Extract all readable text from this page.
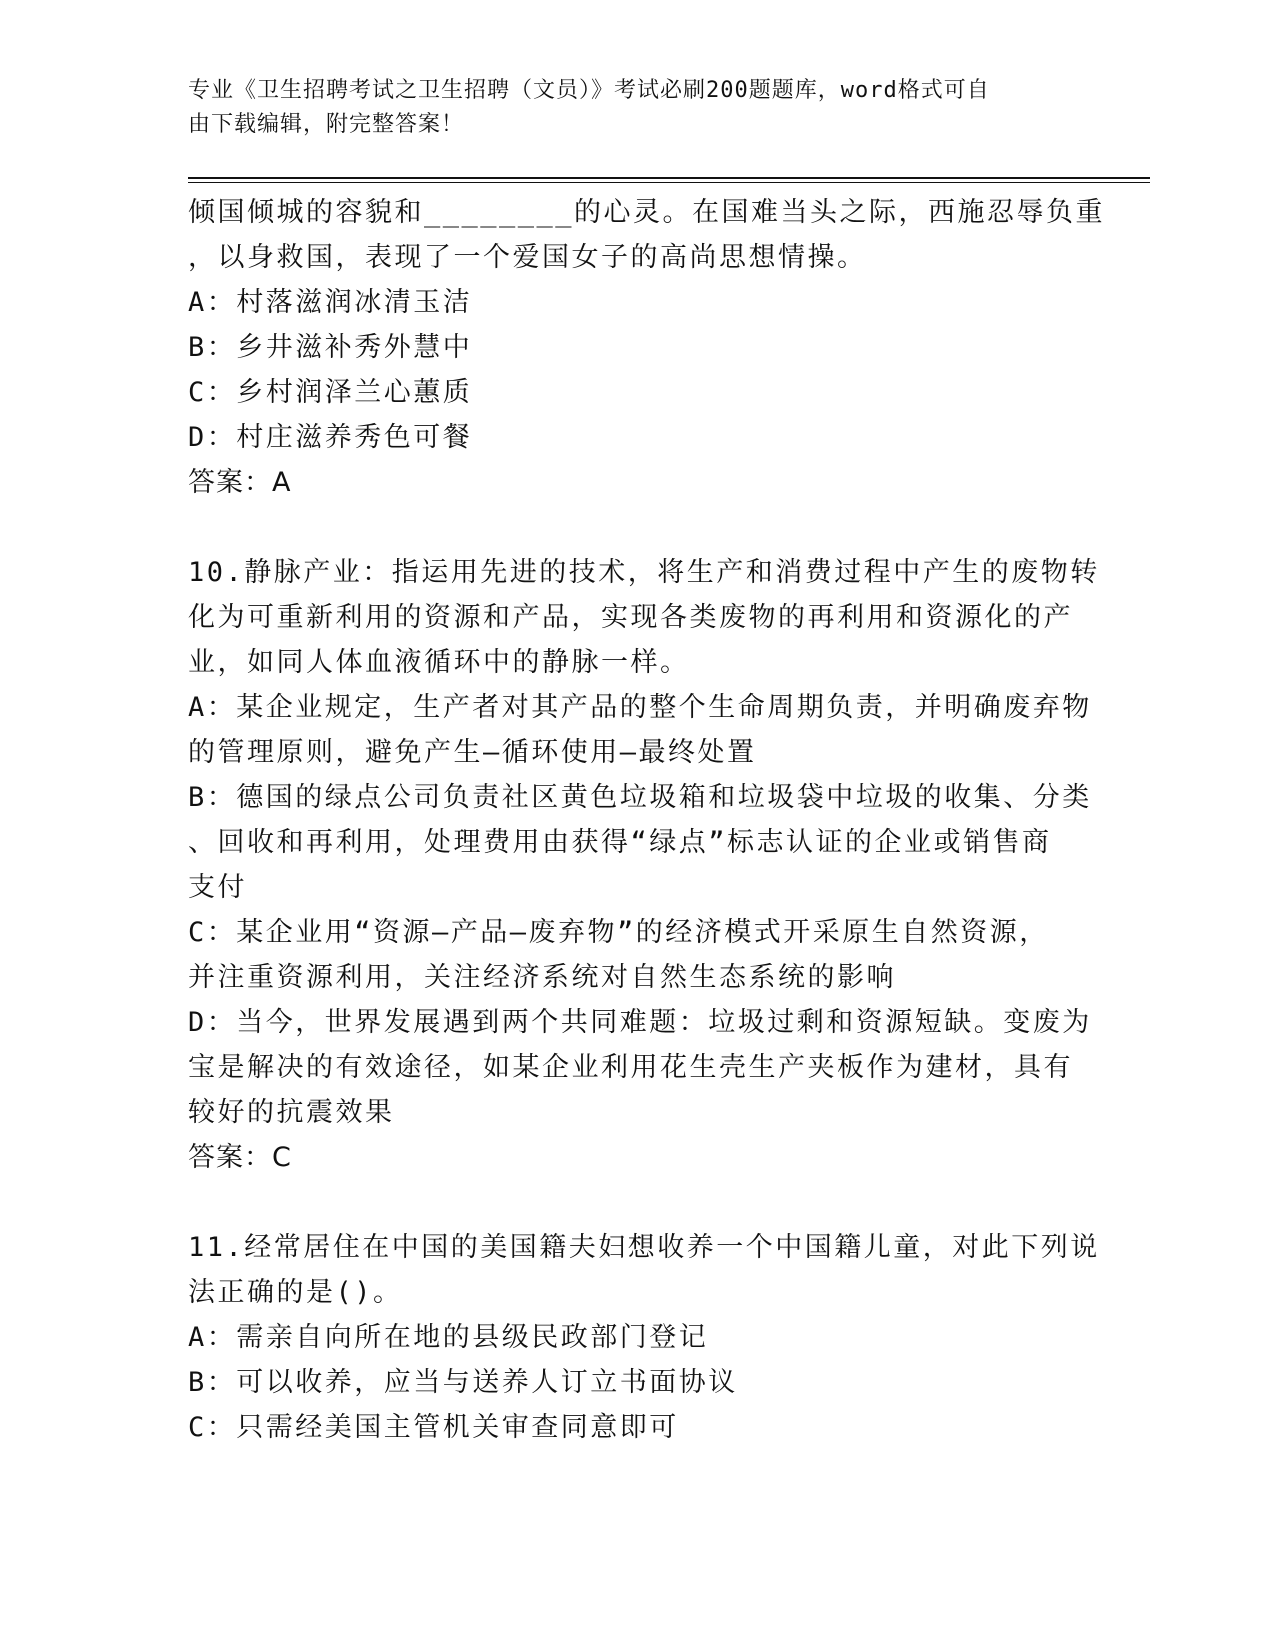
专业《卫生招聘考试之卫生招聘（文员）》考试必刷200题题库，word格式可自
由下载编辑，附完整答案！
倾国倾城的容貌和________的心灵。在国难当头之际，西施忍辱负重
，以身救国，表现了一个爱国女子的高尚思想情操。
A：村落滋润冰清玉洁
B：乡井滋补秀外慧中
C：乡村润泽兰心蕙质
D：村庄滋养秀色可餐
答案：A
10.静脉产业：指运用先进的技术，将生产和消费过程中产生的废物转
化为可重新利用的资源和产品，实现各类废物的再利用和资源化的产
业，如同人体血液循环中的静脉一样。
A：某企业规定，生产者对其产品的整个生命周期负责，并明确废弃物
的管理原则，避免产生—循环使用—最终处置
B：德国的绿点公司负责社区黄色垃圾箱和垃圾袋中垃圾的收集、分类
、回收和再利用，处理费用由获得“绿点”标志认证的企业或销售商
支付
C：某企业用“资源—产品—废弃物”的经济模式开采原生自然资源，
并注重资源利用，关注经济系统对自然生态系统的影响
D：当今，世界发展遇到两个共同难题：垃圾过剩和资源短缺。变废为
宝是解决的有效途径，如某企业利用花生壳生产夹板作为建材，具有
较好的抗震效果
答案：C
11.经常居住在中国的美国籍夫妇想收养一个中国籍儿童，对此下列说
法正确的是()。
A：需亲自向所在地的县级民政部门登记
B：可以收养，应当与送养人订立书面协议
C：只需经美国主管机关审查同意即可
